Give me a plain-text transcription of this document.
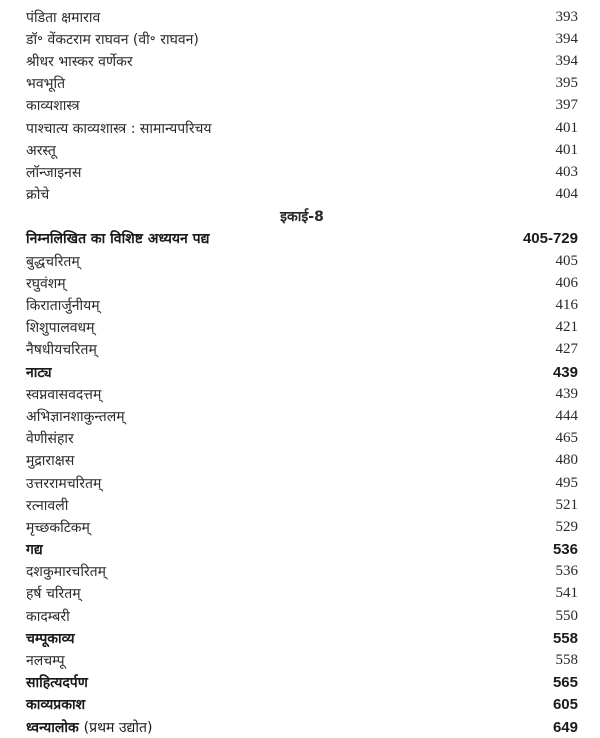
पंडिता क्षमाराव	393
डॉ॰ वेंकटराम राघवन (वी॰ राघवन)	394
श्रीधर भास्कर वर्णेकर	394
भवभूति	395
काव्यशास्त्र	397
पाश्चात्य काव्यशास्त्र : सामान्यपरिचय	401
अरस्तू	401
लॉन्जाइनस	403
क्रोचे	404
इकाई-8
निम्नलिखित का विशिष्ट अध्ययन पद्य	405-729
बुद्धचरितम्	405
रघुवंशम्	406
किरातार्जुनीयम्	416
शिशुपालवधम्	421
नैषधीयचरितम्	427
नाट्य	439
स्वप्नवासवदत्तम्	439
अभिज्ञानशाकुन्तलम्	444
वेणीसंहार	465
मुद्राराक्षस	480
उत्तररामचरितम्	495
रत्नावली	521
मृच्छकटिकम्	529
गद्य	536
दशकुमारचरितम्	536
हर्ष चरितम्	541
कादम्बरी	550
चम्पूकाव्य	558
नलचम्पू	558
साहित्यदर्पण	565
काव्यप्रकाश	605
ध्वन्यालोक (प्रथम उद्योत)	649
